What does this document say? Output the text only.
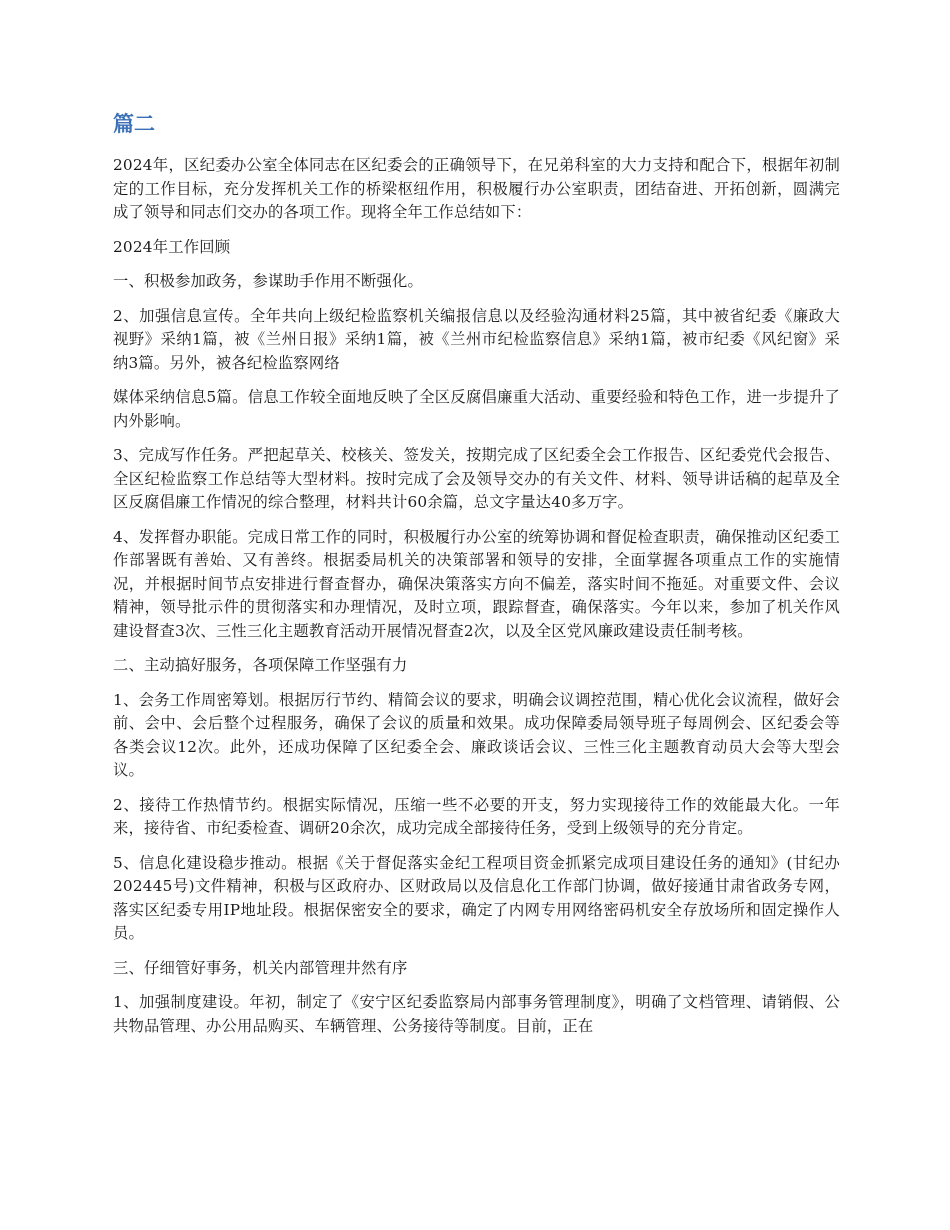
篇二

2024年，区纪委办公室全体同志在区纪委会的正确领导下，在兄弟科室的大力支持和配合下，根据年初制定的工作目标，充分发挥机关工作的桥梁枢纽作用，积极履行办公室职责，团结奋进、开拓创新，圆满完成了领导和同志们交办的各项工作。现将全年工作总结如下：

2024年工作回顾

一、积极参加政务，参谋助手作用不断强化。

2、加强信息宣传。全年共向上级纪检监察机关编报信息以及经验沟通材料25篇，其中被省纪委《廉政大视野》采纳1篇，被《兰州日报》采纳1篇，被《兰州市纪检监察信息》采纳1篇，被市纪委《风纪窗》采纳3篇。另外，被各纪检监察网络

媒体采纳信息5篇。信息工作较全面地反映了全区反腐倡廉重大活动、重要经验和特色工作，进一步提升了内外影响。

3、完成写作任务。严把起草关、校核关、签发关，按期完成了区纪委全会工作报告、区纪委党代会报告、全区纪检监察工作总结等大型材料。按时完成了会及领导交办的有关文件、材料、领导讲话稿的起草及全区反腐倡廉工作情况的综合整理，材料共计60余篇，总文字量达40多万字。

4、发挥督办职能。完成日常工作的同时，积极履行办公室的统筹协调和督促检查职责，确保推动区纪委工作部署既有善始、又有善终。根据委局机关的决策部署和领导的安排，全面掌握各项重点工作的实施情况，并根据时间节点安排进行督查督办，确保决策落实方向不偏差，落实时间不拖延。对重要文件、会议精神，领导批示件的贯彻落实和办理情况，及时立项，跟踪督查，确保落实。今年以来，参加了机关作风建设督查3次、三性三化主题教育活动开展情况督查2次，以及全区党风廉政建设责任制考核。

二、主动搞好服务，各项保障工作坚强有力

1、会务工作周密筹划。根据厉行节约、精简会议的要求，明确会议调控范围，精心优化会议流程，做好会前、会中、会后整个过程服务，确保了会议的质量和效果。成功保障委局领导班子每周例会、区纪委会等各类会议12次。此外，还成功保障了区纪委全会、廉政谈话会议、三性三化主题教育动员大会等大型会议。

2、接待工作热情节约。根据实际情况，压缩一些不必要的开支，努力实现接待工作的效能最大化。一年来，接待省、市纪委检查、调研20余次，成功完成全部接待任务，受到上级领导的充分肯定。

5、信息化建设稳步推动。根据《关于督促落实金纪工程项目资金抓紧完成项目建设任务的通知》(甘纪办202445号)文件精神，积极与区政府办、区财政局以及信息化工作部门协调，做好接通甘肃省政务专网，落实区纪委专用IP地址段。根据保密安全的要求，确定了内网专用网络密码机安全存放场所和固定操作人员。

三、仔细管好事务，机关内部管理井然有序

1、加强制度建设。年初，制定了《安宁区纪委监察局内部事务管理制度》，明确了文档管理、请销假、公共物品管理、办公用品购买、车辆管理、公务接待等制度。目前，正在
